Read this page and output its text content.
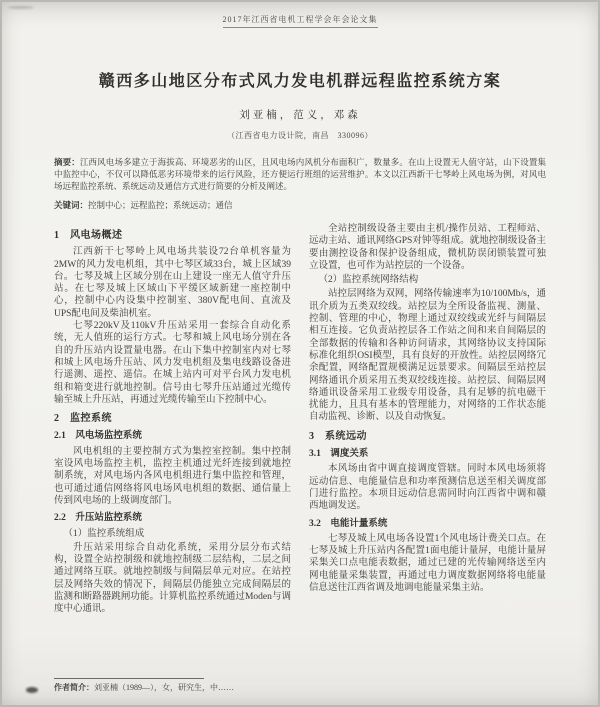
2017年江西省电机工程学会年会论文集
赣西多山地区分布式风力发电机群远程监控系统方案
刘亚楠，范义，邓森
（江西省电力设计院，南昌　330096）

摘要：江西风电场多建立于海拔高、环境恶劣的山区，且风电场内风机分布面积广，数量多。在山上设置无人值守站，山下设置集中监控中心，不仅可以降低恶劣环境带来的运行风险，还方便运行班组的运营维护。本文以江西新干七琴岭上风电场为例，对风电场远程监控系统、系统远动及通信方式进行简要的分析及阐述。

关键词：控制中心；远程监控；系统远动；通信

1　风电场概述
江西新干七琴岭上风电场共装设72台单机容量为2MW的风力发电机组，其中七琴区域33台，城上区域39台。七琴及城上区域分别在山上建设一座无人值守升压站。在七琴及城上区域山下平缓区域新建一座控制中心，控制中心内设集中控制室、380V配电间、直流及UPS配电间及柴油机室。
七琴220kV及110kV升压站采用一套综合自动化系统，无人值班的运行方式。七琴和城上风电场分别在各自的升压站内设置量电器。在山下集中控制室内对七琴和城上风电场升压站、风力发电机组及集电线路设备进行遥测、遥控、遥信。在城上站内可对平台风力发电机组和箱变进行就地控制。信号由七琴升压站通过光缆传输至城上升压站，再通过光缆传输至山下控制中心。
2　监控系统
2.1　风电场监控系统
风电机组的主要控制方式为集控室控制。集中控制室设风电场监控主机，监控主机通过光纤连接到就地控制系统，对风电场内各风电机组进行集中监控和管理，也可通过通信网络将风电场风电机组的数据、通信量上传到风电场的上级调度部门。
2.2　升压站监控系统
（1）监控系统组成
升压站采用综合自动化系统，采用分层分布式结构，设置全站控制级和就地控制级二层结构，二层之间通过网络互联。就地控制级与间隔层单元对应。在站控层及网络失效的情况下，间隔层仍能独立完成间隔层的监测和断路器跳闸功能。计算机监控系统通过Moden与调度中心通讯。
全站控制级设备主要由主机/操作员站、工程师站、远动主站、通讯网络GPS对钟等组成。就地控制级设备主要由测控设备和保护设备组成，微机防误闭锁装置可独立设置，也可作为站控层的一个设备。
（2）监控系统网络结构
站控层网络为双网，网络传输速率为10/100Mb/s，通讯介质为五类双绞线。站控层为全所设备监视、测量、控制、管理的中心，物理上通过双绞线或光纤与间隔层相互连接。它负责站控层各工作站之间和来自间隔层的全部数据的传输和各种访问请求，其网络协议支持国际标准化组织OSI模型，具有良好的开放性。站控层网络冗余配置，网络配置规模满足远景要求。间隔层至站控层网络通讯介质采用五类双绞线连接。站控层、间隔层网络通讯设备采用工业级专用设备，具有足够的抗电磁干扰能力，且具有基本的管理能力，对网络的工作状态能自动监视、诊断、以及自动恢复。
3　系统远动
3.1　调度关系
本风场由省中调直接调度管辖。同时本风电场须将远动信息、电能量信息和功率预测信息送至相关调度部门进行监控。本项目远动信息需同时向江西省中调和赣西地调发送。
3.2　电能计量系统
七琴及城上风电场各设置1个风电场计费关口点。在七琴及城上升压站内各配置1面电能计量屏，电能计量屏采集关口点电能表数据，通过已建的光传输网络送至内网电能量采集装置，再通过电力调度数据网络将电能量信息送往江西省调及地调电能量采集主站。

作者简介：刘亚楠（1989—），女，研究生，中……
